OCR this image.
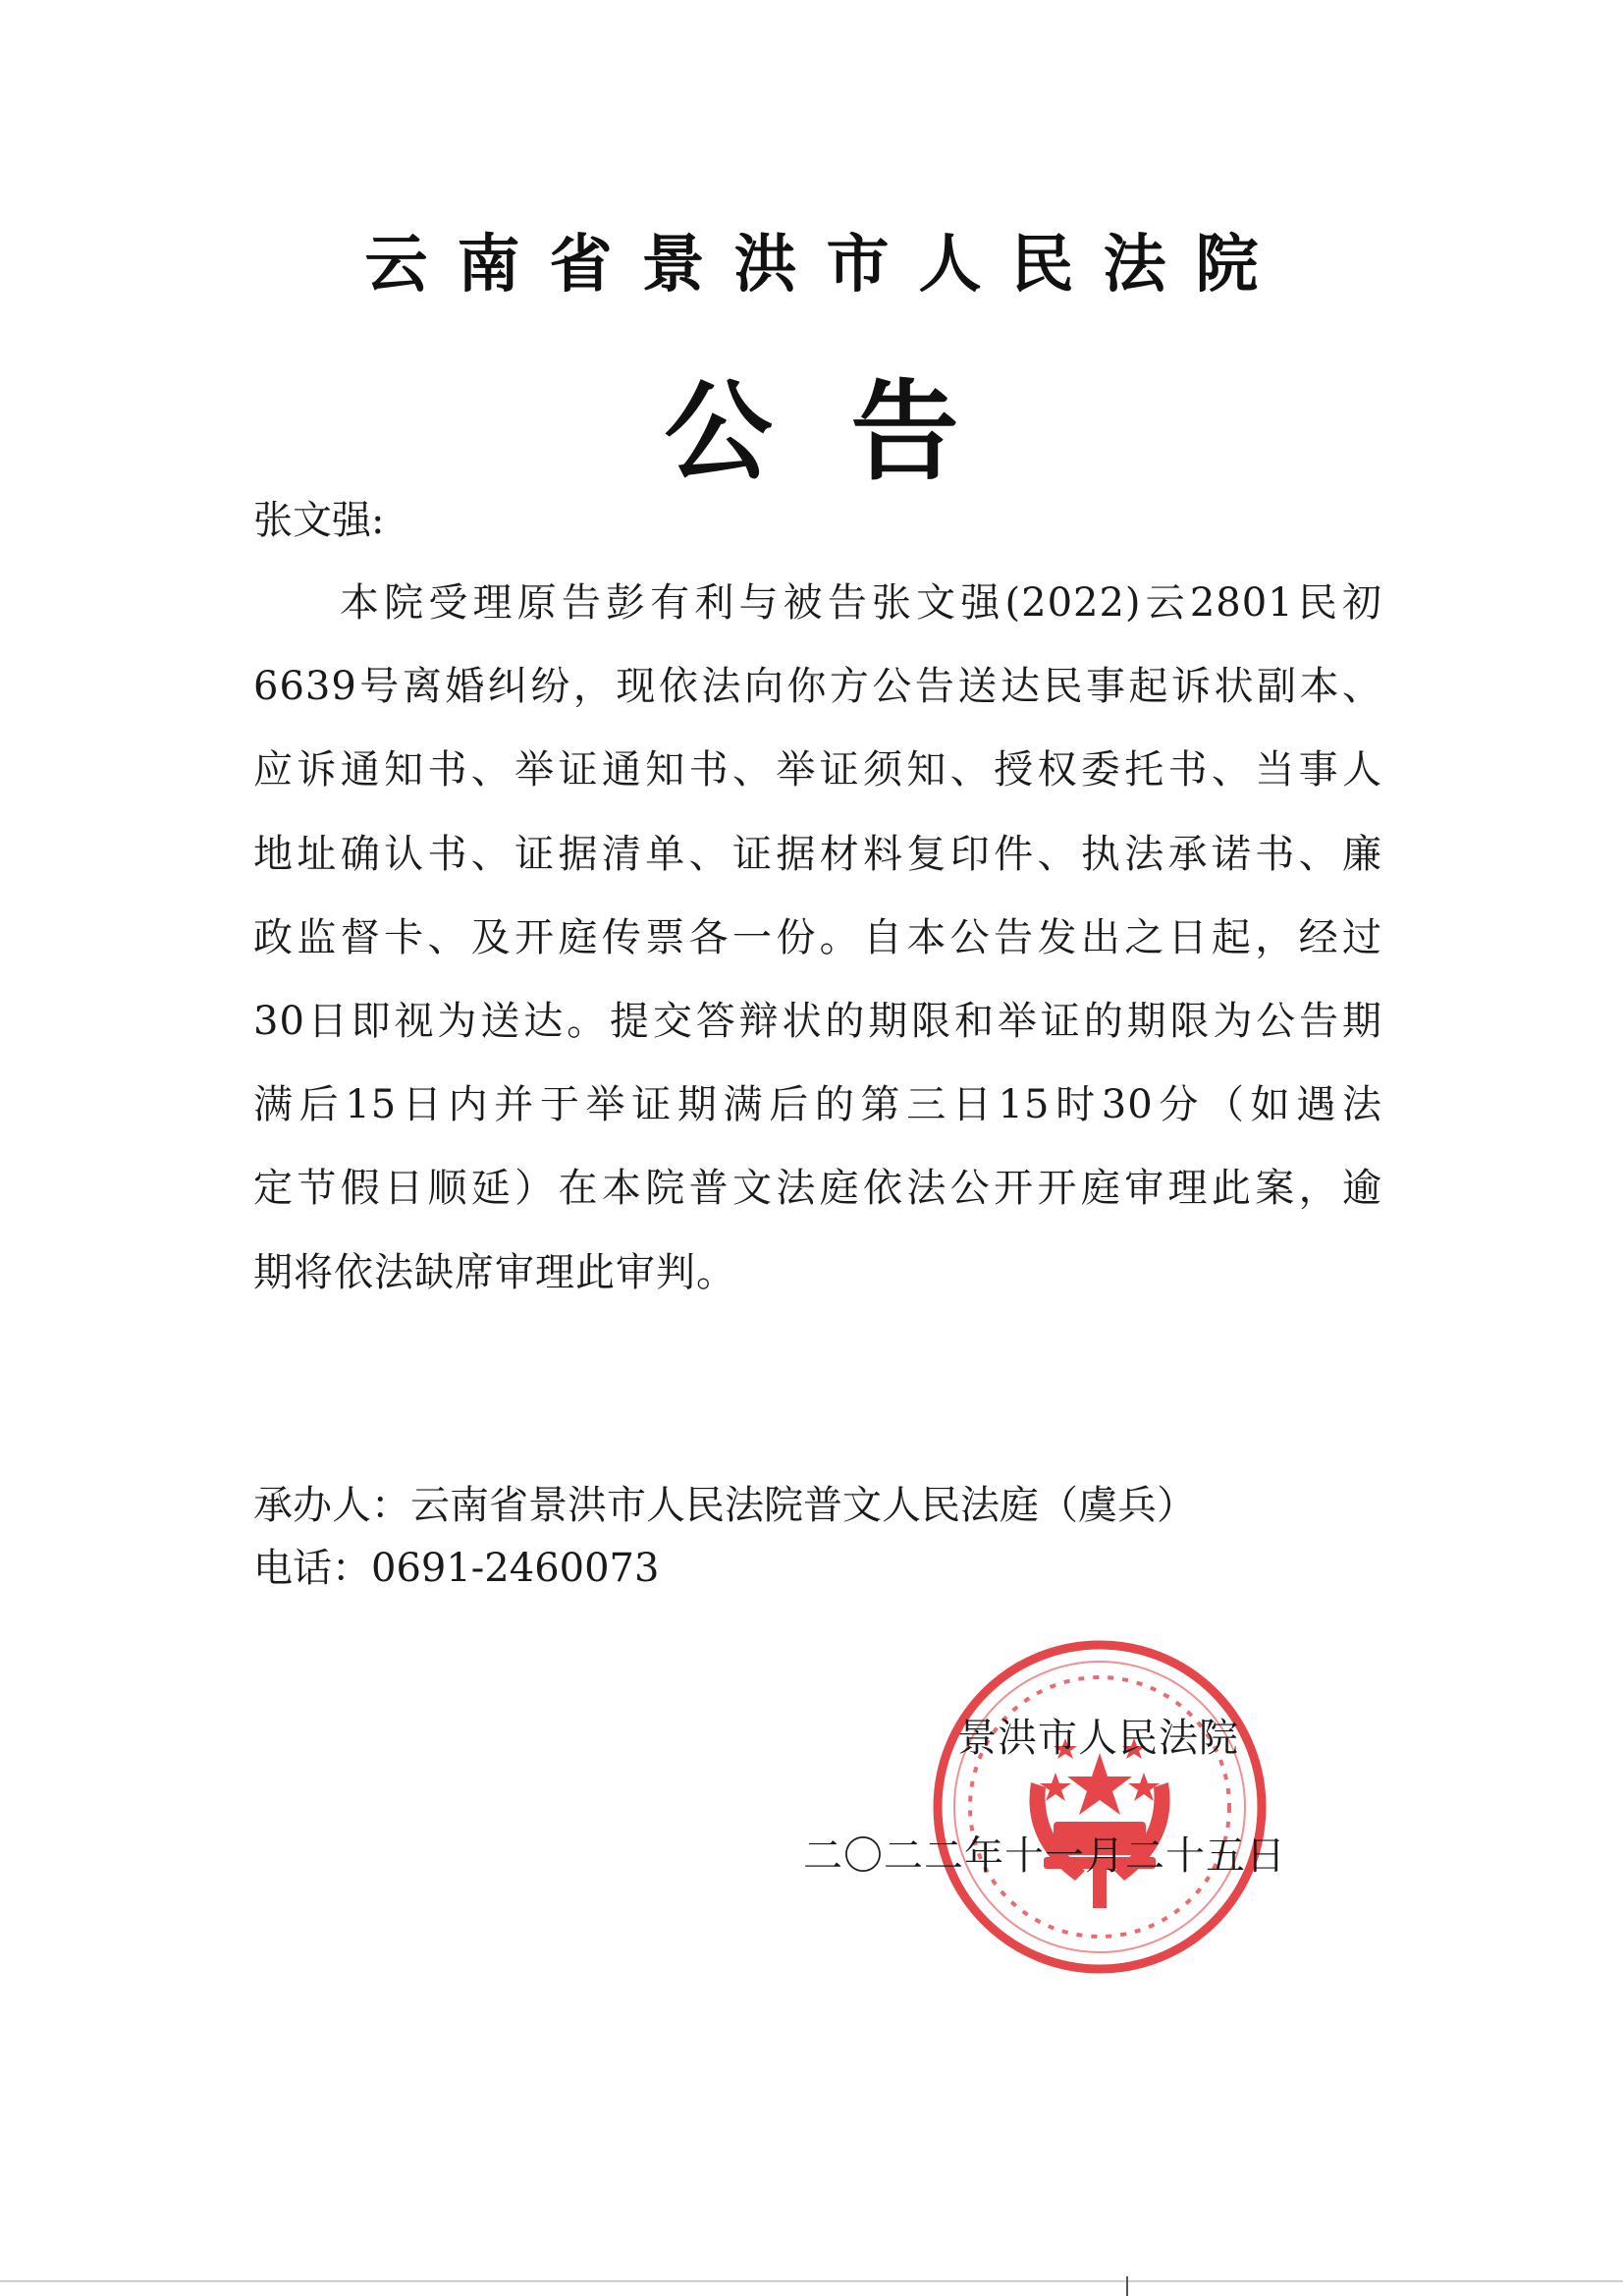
云南省景洪市人民法院
公告
张文强:
本院受理原告彭有利与被告张文强(2022)云2801民初
6639号离婚纠纷，现依法向你方公告送达民事起诉状副本、
应诉通知书、举证通知书、举证须知、授权委托书、当事人
地址确认书、证据清单、证据材料复印件、执法承诺书、廉
政监督卡、及开庭传票各一份。自本公告发出之日起，经过
30日即视为送达。提交答辩状的期限和举证的期限为公告期
满后15日内并于举证期满后的第三日15时30分（如遇法
定节假日顺延）在本院普文法庭依法公开开庭审理此案，逾
期将依法缺席审理此审判。
承办人：云南省景洪市人民法院普文人民法庭（虞兵）
电话：0691-2460073
景洪市人民法院
二〇二二年十一月二十五日
